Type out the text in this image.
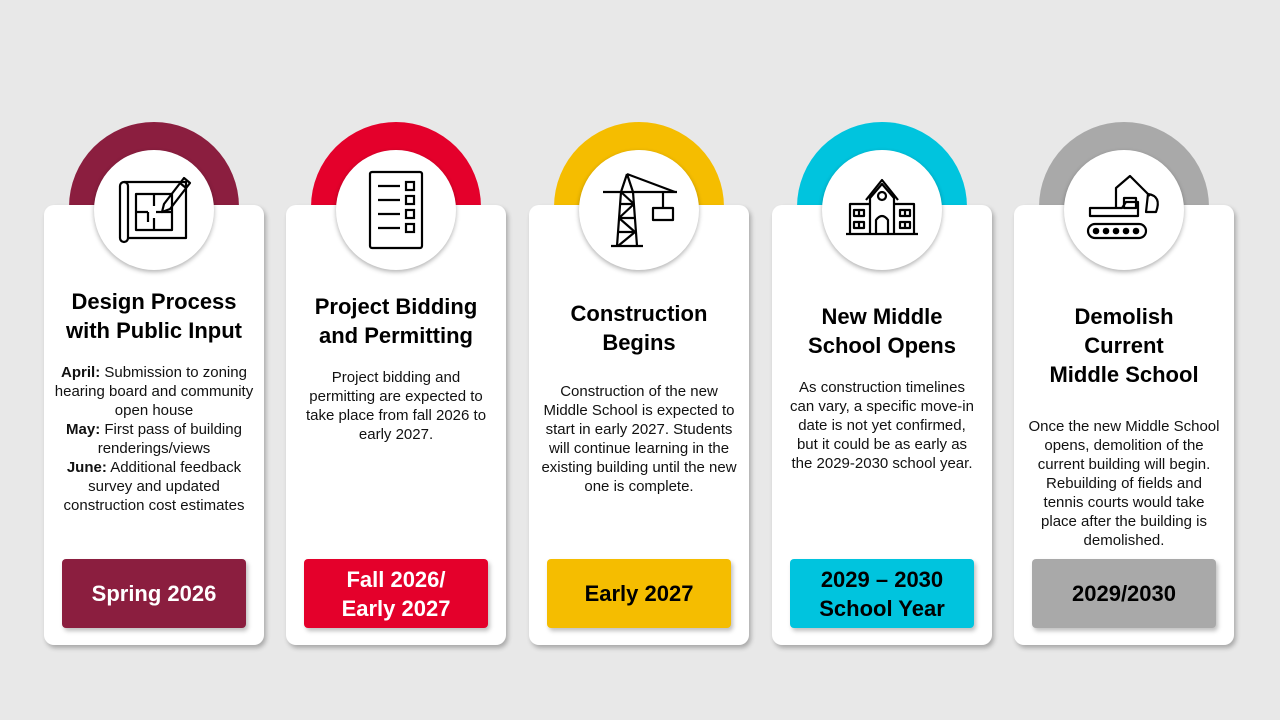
Design Process
with Public Input
April: Submission to zoning hearing board and community open house
May: First pass of building renderings/views
June: Additional feedback survey and updated construction cost estimates
Spring 2026
Project Bidding
and Permitting
Project bidding and permitting are expected to take place from fall 2026 to early 2027.
Fall 2026/
Early 2027
Construction
Begins
Construction of the new Middle School is expected to start in early 2027. Students will continue learning in the existing building until the new one is complete.
Early 2027
New Middle
School Opens
As construction timelines can vary, a specific move-in date is not yet confirmed, but it could be as early as the 2029-2030 school year.
2029 – 2030
School Year
Demolish
Current
Middle School
Once the new Middle School opens, demolition of the current building will begin. Rebuilding of fields and tennis courts would take place after the building is demolished.
2029/2030
